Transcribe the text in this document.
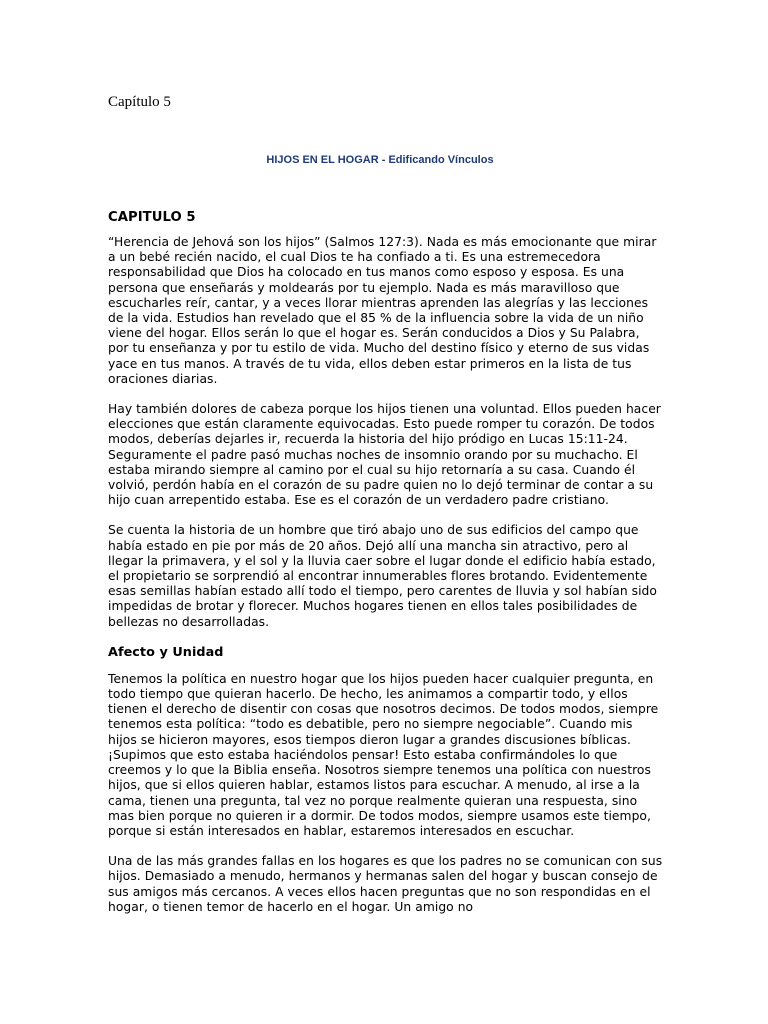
Capítulo 5
HIJOS EN EL HOGAR - Edificando Vínculos
CAPITULO 5

“Herencia de Jehová son los hijos” (Salmos 127:3). Nada es más emocionante que mirar a un bebé recién nacido, el cual Dios te ha confiado a ti. Es una estremecedora responsabilidad que Dios ha colocado en tus manos como esposo y esposa. Es una persona que enseñarás y moldearás por tu ejemplo. Nada es más maravilloso que escucharles reír, cantar, y a veces llorar mientras aprenden las alegrías y las lecciones de la vida. Estudios han revelado que el 85 % de la influencia sobre la vida de un niño viene del hogar. Ellos serán lo que el hogar es. Serán conducidos a Dios y Su Palabra, por tu enseñanza y por tu estilo de vida. Mucho del destino físico y eterno de sus vidas yace en tus manos. A través de tu vida, ellos deben estar primeros en la lista de tus oraciones diarias.

Hay también dolores de cabeza porque los hijos tienen una voluntad. Ellos pueden hacer elecciones que están claramente equivocadas. Esto puede romper tu corazón. De todos modos, deberías dejarles ir, recuerda la historia del hijo pródigo en Lucas 15:11-24. Seguramente el padre pasó muchas noches de insomnio orando por su muchacho. El estaba mirando siempre al camino por el cual su hijo retornaría a su casa. Cuando él volvió, perdón había en el corazón de su padre quien no lo dejó terminar de contar a su hijo cuan arrepentido estaba. Ese es el corazón de un verdadero padre cristiano.

Se cuenta la historia de un hombre que tiró abajo uno de sus edificios del campo que había estado en pie por más de 20 años. Dejó allí una mancha sin atractivo, pero al llegar la primavera, y el sol y la lluvia caer sobre el lugar donde el edificio había estado, el propietario se sorprendió al encontrar innumerables flores brotando. Evidentemente esas semillas habían estado allí todo el tiempo, pero carentes de lluvia y sol habían sido impedidas de brotar y florecer. Muchos hogares tienen en ellos tales posibilidades de bellezas no desarrolladas.

Afecto y Unidad

Tenemos la política en nuestro hogar que los hijos pueden hacer cualquier pregunta, en todo tiempo que quieran hacerlo. De hecho, les animamos a compartir todo, y ellos tienen el derecho de disentir con cosas que nosotros decimos. De todos modos, siempre tenemos esta política: “todo es debatible, pero no siempre negociable”. Cuando mis hijos se hicieron mayores, esos tiempos dieron lugar a grandes discusiones bíblicas. ¡Supimos que esto estaba haciéndolos pensar! Esto estaba confirmándoles lo que creemos y lo que la Biblia enseña. Nosotros siempre tenemos una política con nuestros hijos, que si ellos quieren hablar, estamos listos para escuchar. A menudo, al irse a la cama, tienen una pregunta, tal vez no porque realmente quieran una respuesta, sino mas bien porque no quieren ir a dormir. De todos modos, siempre usamos este tiempo, porque si están interesados en hablar, estaremos interesados en escuchar.

Una de las más grandes fallas en los hogares es que los padres no se comunican con sus hijos. Demasiado a menudo, hermanos y hermanas salen del hogar y buscan consejo de sus amigos más cercanos. A veces ellos hacen preguntas que no son respondidas en el hogar, o tienen temor de hacerlo en el hogar. Un amigo no
